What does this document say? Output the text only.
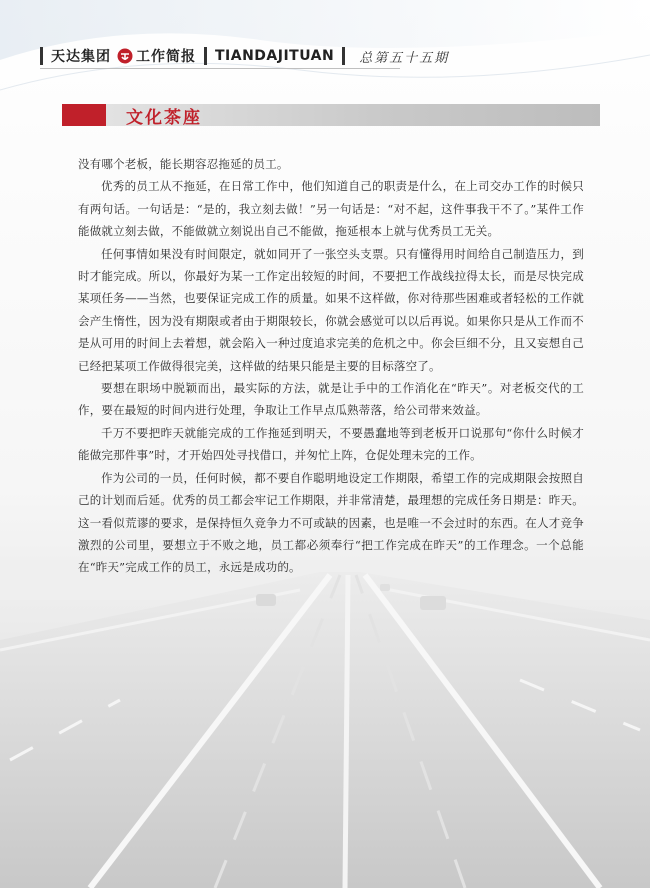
天达集团 工作简报 TIANDAJITUAN 总第五十五期
文化茶座

没有哪个老板，能长期容忍拖延的员工。

优秀的员工从不拖延，在日常工作中，他们知道自己的职责是什么，在上司交办工作的时候只有两句话。一句话是：“是的，我立刻去做！”另一句话是：“对不起，这件事我干不了。”某件工作能做就立刻去做，不能做就立刻说出自己不能做，拖延根本上就与优秀员工无关。

任何事情如果没有时间限定，就如同开了一张空头支票。只有懂得用时间给自己制造压力，到时才能完成。所以，你最好为某一工作定出较短的时间，不要把工作战线拉得太长，而是尽快完成某项任务——当然，也要保证完成工作的质量。如果不这样做，你对待那些困难或者轻松的工作就会产生惰性，因为没有期限或者由于期限较长，你就会感觉可以以后再说。如果你只是从工作而不是从可用的时间上去着想，就会陷入一种过度追求完美的危机之中。你会巨细不分，且又妄想自己已经把某项工作做得很完美，这样做的结果只能是主要的目标落空了。

要想在职场中脱颖而出，最实际的方法，就是让手中的工作消化在“昨天”。对老板交代的工作，要在最短的时间内进行处理，争取让工作早点瓜熟蒂落，给公司带来效益。

千万不要把昨天就能完成的工作拖延到明天，不要愚蠢地等到老板开口说那句“你什么时候才能做完那件事”时，才开始四处寻找借口，并匆忙上阵，仓促处理未完的工作。

作为公司的一员，任何时候，都不要自作聪明地设定工作期限，希望工作的完成期限会按照自己的计划而后延。优秀的员工都会牢记工作期限，并非常清楚，最理想的完成任务日期是：昨天。这一看似荒谬的要求，是保持恒久竞争力不可或缺的因素，也是唯一不会过时的东西。在人才竞争激烈的公司里，要想立于不败之地，员工都必须奉行“把工作完成在昨天”的工作理念。一个总能在“昨天”完成工作的员工，永远是成功的。
